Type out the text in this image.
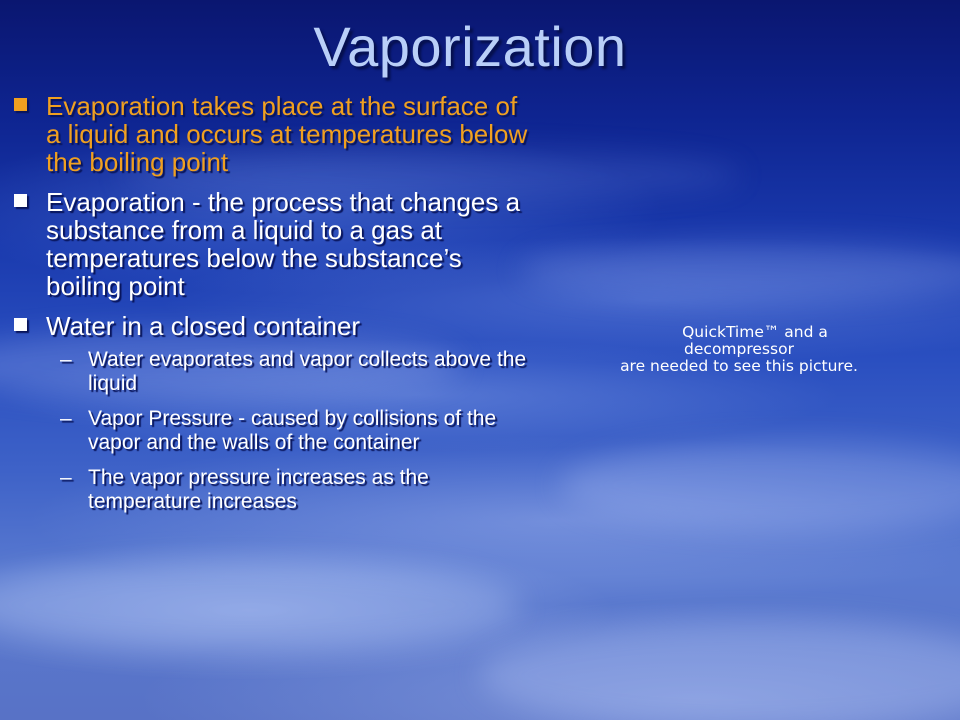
Vaporization
Evaporation takes place at the surface of a liquid and occurs at temperatures below the boiling point
Evaporation - the process that changes a substance from a liquid to a gas at temperatures below the substance’s boiling point
Water in a closed container
– Water evaporates and vapor collects above the liquid
– Vapor Pressure - caused by collisions of the vapor and the walls of the container
– The vapor pressure increases as the temperature increases
QuickTime™ and a
decompressor
are needed to see this picture.
